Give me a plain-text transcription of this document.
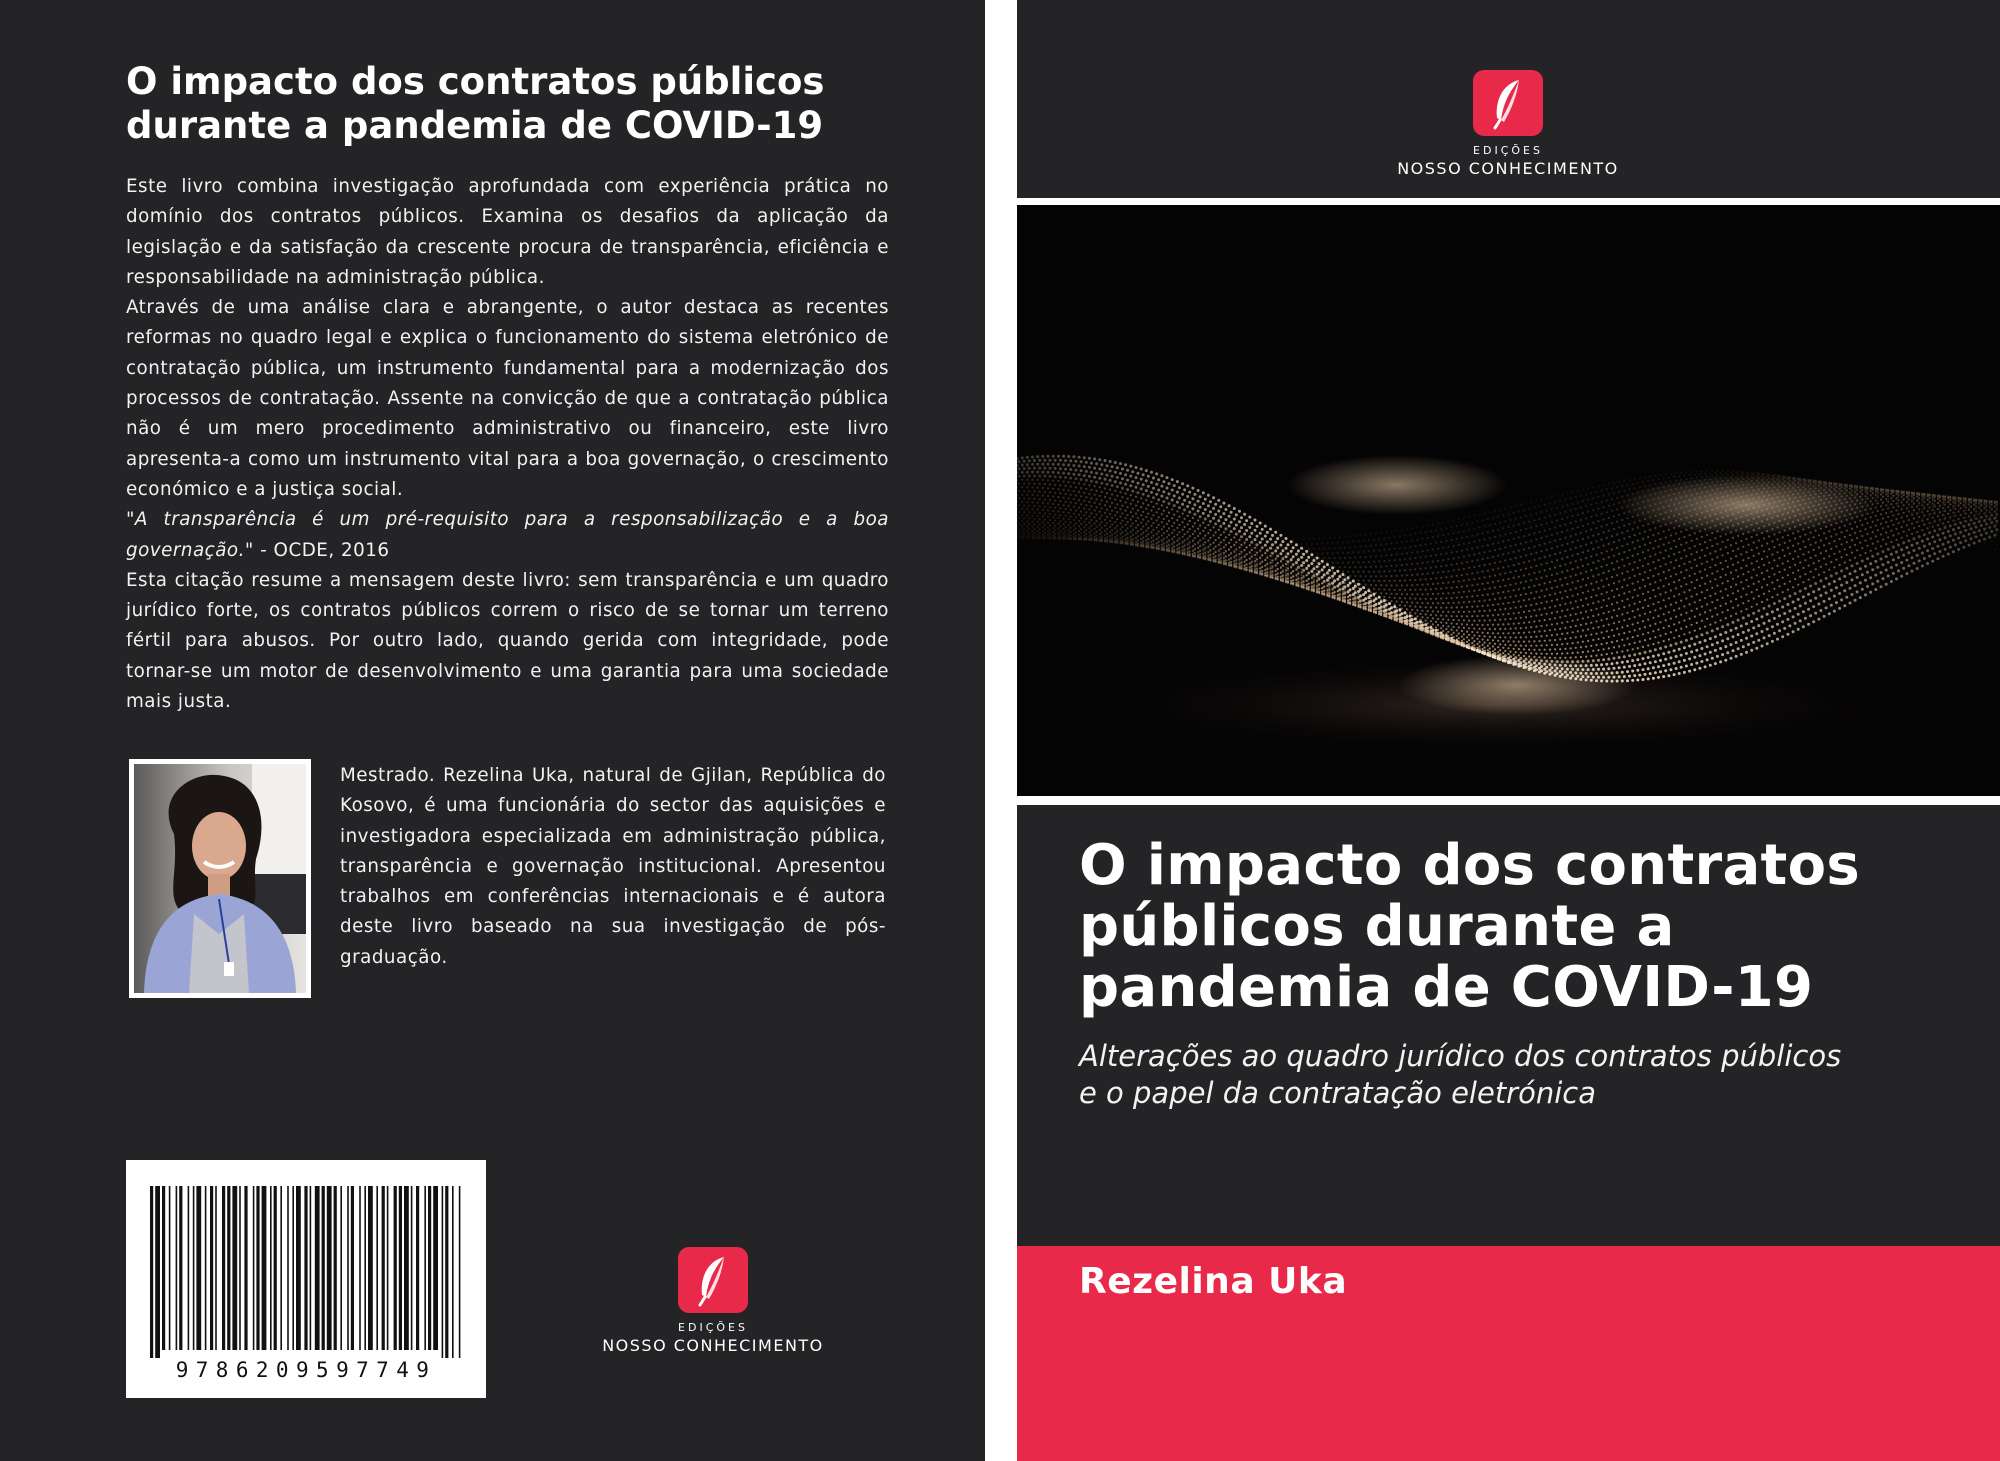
O impacto dos contratos públicos
durante a pandemia de COVID-19

Este livro combina investigação aprofundada com experiência prática no domínio dos contratos públicos. Examina os desafios da aplicação da legislação e da satisfação da crescente procura de transparência, eficiência e responsabilidade na administração pública.

Através de uma análise clara e abrangente, o autor destaca as recentes reformas no quadro legal e explica o funcionamento do sistema eletrónico de contratação pública, um instrumento fundamental para a modernização dos processos de contratação. Assente na convicção de que a contratação pública não é um mero procedimento administrativo ou financeiro, este livro apresenta-a como um instrumento vital para a boa governação, o crescimento económico e a justiça social.

"A transparência é um pré-requisito para a responsabilização e a boa governação." - OCDE, 2016

Esta citação resume a mensagem deste livro: sem transparência e um quadro jurídico forte, os contratos públicos correm o risco de se tornar um terreno fértil para abusos. Por outro lado, quando gerida com integridade, pode tornar-se um motor de desenvolvimento e uma garantia para uma sociedade mais justa.

Mestrado. Rezelina Uka, natural de Gjilan, República do Kosovo, é uma funcionária do sector das aquisições e investigadora especializada em administração pública, transparência e governação institucional. Apresentou trabalhos em conferências internacionais e é autora deste livro baseado na sua investigação de pós-graduação.
9786209597749
EDIÇÕES
NOSSO CONHECIMENTO
EDIÇÕES
NOSSO CONHECIMENTO
O impacto dos contratos
públicos durante a
pandemia de COVID-19

Alterações ao quadro jurídico dos contratos públicos
e o papel da contratação eletrónica

Rezelina Uka
